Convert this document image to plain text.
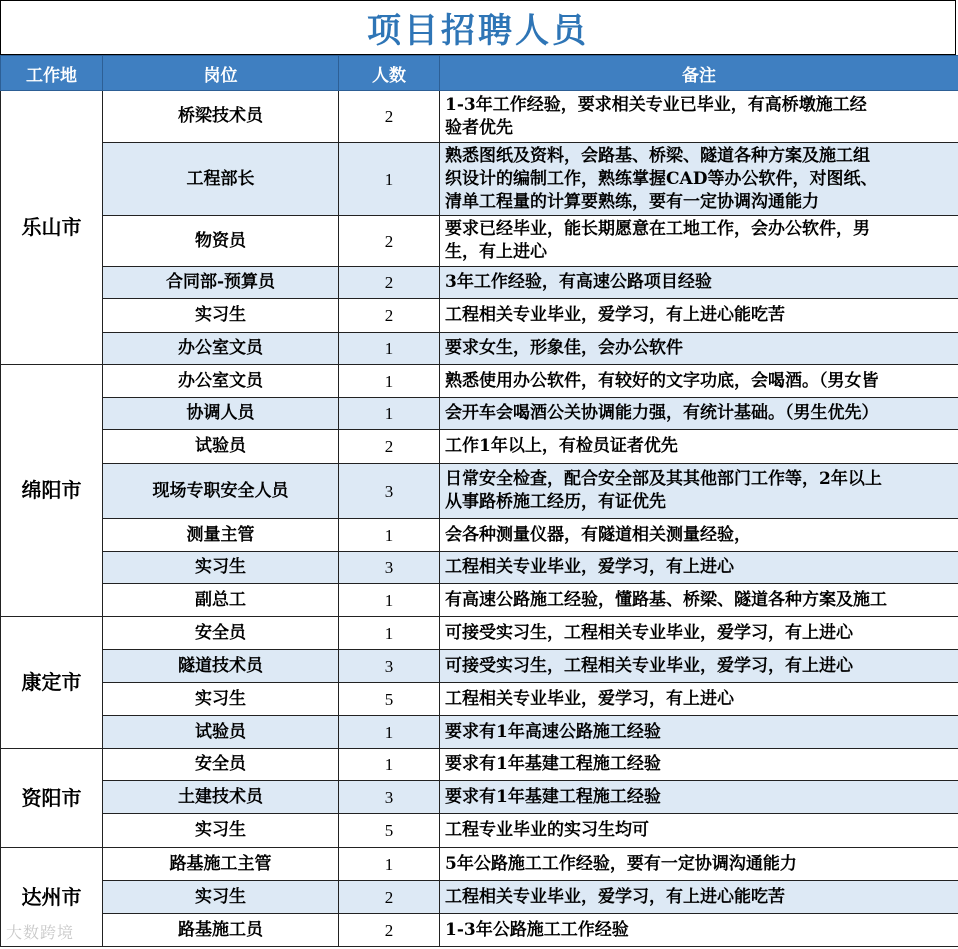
项目招聘人员
工作地	岗位	人数	备注
乐山市	桥梁技术员	2	1-3年工作经验，要求相关专业已毕业，有高桥墩施工经
验者优先

	工程部长	1	熟悉图纸及资料，会路基、桥梁、隧道各种方案及施工组
织设计的编制工作，熟练掌握CAD等办公软件，对图纸、
清单工程量的计算要熟练，要有一定协调沟通能力

	物资员	2	要求已经毕业，能长期愿意在工地工作，会办公软件，男
生，有上进心

	合同部-预算员	2	3年工作经验，有高速公路项目经验

	实习生	2	工程相关专业毕业，爱学习，有上进心能吃苦

	办公室文员	1	要求女生，形象佳，会办公软件

绵阳市	办公室文员	1	熟悉使用办公软件，有较好的文字功底，会喝酒。（男女皆

	协调人员	1	会开车会喝酒公关协调能力强，有统计基础。（男生优先）

	试验员	2	工作1年以上，有检员证者优先

	现场专职安全人员	3	日常安全检查，配合安全部及其其他部门工作等，2年以上
从事路桥施工经历，有证优先

	测量主管	1	会各种测量仪器，有隧道相关测量经验，

	实习生	3	工程相关专业毕业，爱学习，有上进心

	副总工	1	有高速公路施工经验，懂路基、桥梁、隧道各种方案及施工

康定市	安全员	1	可接受实习生，工程相关专业毕业，爱学习，有上进心

	隧道技术员	3	可接受实习生，工程相关专业毕业，爱学习，有上进心

	实习生	5	工程相关专业毕业，爱学习，有上进心

	试验员	1	要求有1年高速公路施工经验

资阳市	安全员	1	要求有1年基建工程施工经验

	土建技术员	3	要求有1年基建工程施工经验

	实习生	5	工程专业毕业的实习生均可

达州市	路基施工主管	1	5年公路施工工作经验，要有一定协调沟通能力

	实习生	2	工程相关专业毕业，爱学习，有上进心能吃苦

	路基施工员	2	1-3年公路施工工作经验
大数跨境
